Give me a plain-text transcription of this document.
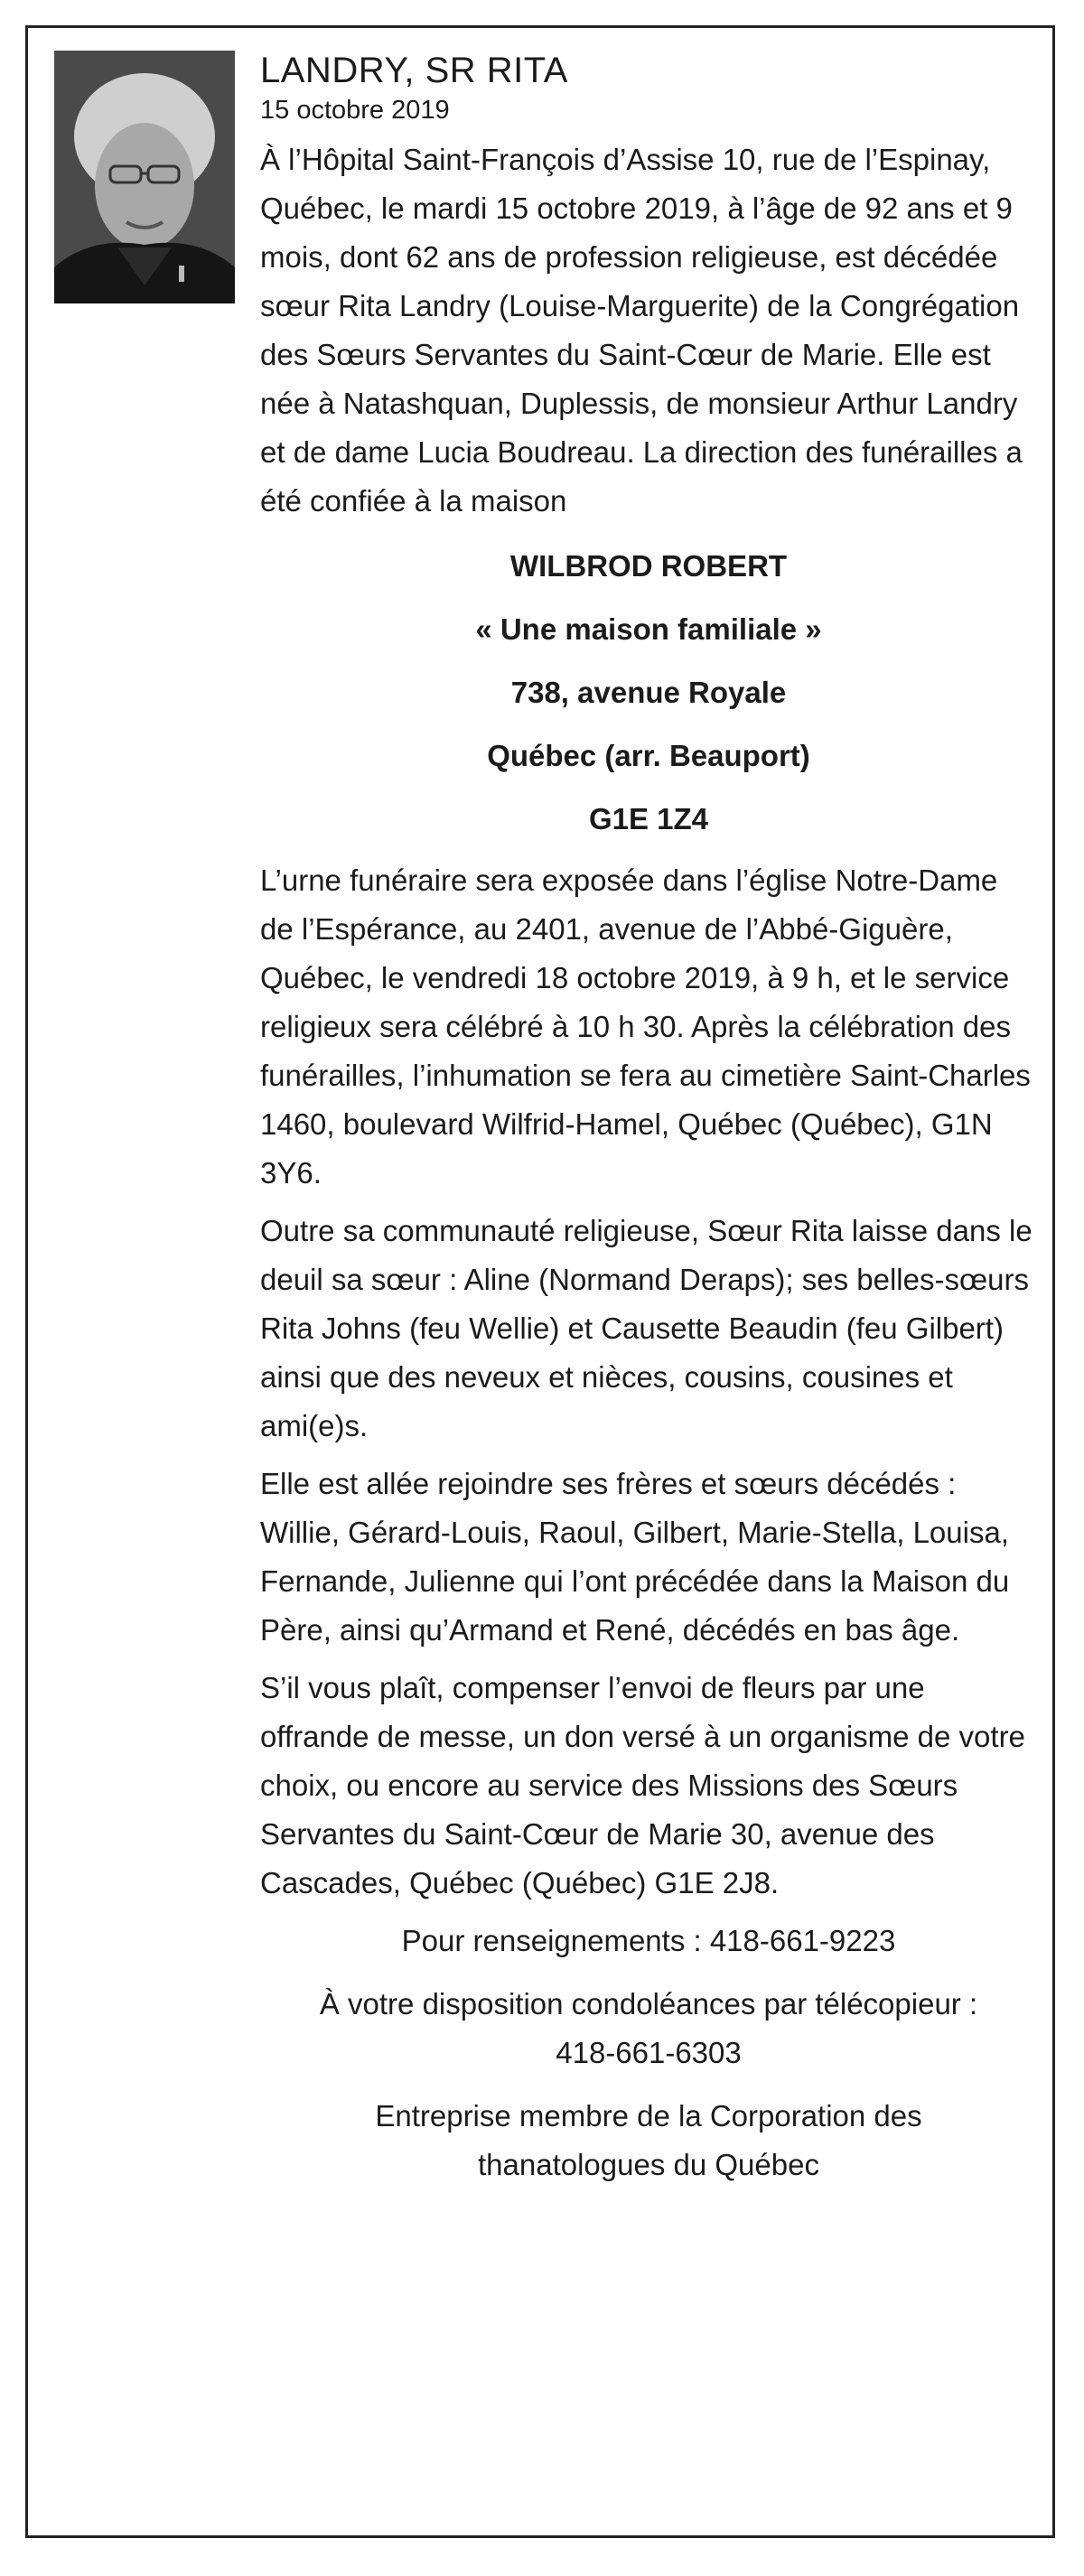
LANDRY, SR RITA
15 octobre 2019

À l’Hôpital Saint-François d’Assise 10, rue de l’Espinay, Québec, le mardi 15 octobre 2019, à l’âge de 92 ans et 9 mois, dont 62 ans de profession religieuse, est décédée sœur Rita Landry (Louise-Marguerite) de la Congrégation des Sœurs Servantes du Saint-Cœur de Marie. Elle est née à Natashquan, Duplessis, de monsieur Arthur Landry et de dame Lucia Boudreau. La direction des funérailles a été confiée à la maison

WILBROD ROBERT

« Une maison familiale »

738, avenue Royale

Québec (arr. Beauport)

G1E 1Z4

L’urne funéraire sera exposée dans l’église Notre-Dame de l’Espérance, au 2401, avenue de l’Abbé-Giguère, Québec, le vendredi 18 octobre 2019, à 9 h, et le service religieux sera célébré à 10 h 30. Après la célébration des funérailles, l’inhumation se fera au cimetière Saint-Charles 1460, boulevard Wilfrid-Hamel, Québec (Québec), G1N 3Y6.

Outre sa communauté religieuse, Sœur Rita laisse dans le deuil sa sœur : Aline (Normand Deraps); ses belles-sœurs Rita Johns (feu Wellie) et Causette Beaudin (feu Gilbert) ainsi que des neveux et nièces, cousins, cousines et ami(e)s.

Elle est allée rejoindre ses frères et sœurs décédés : Willie, Gérard-Louis, Raoul, Gilbert, Marie-Stella, Louisa, Fernande, Julienne qui l’ont précédée dans la Maison du Père, ainsi qu’Armand et René, décédés en bas âge.

S’il vous plaît, compenser l’envoi de fleurs par une offrande de messe, un don versé à un organisme de votre choix, ou encore au service des Missions des Sœurs Servantes du Saint-Cœur de Marie 30, avenue des Cascades, Québec (Québec) G1E 2J8.

Pour renseignements : 418-661-9223

À votre disposition condoléances par télécopieur :
418-661-6303
Entreprise membre de la Corporation des
thanatologues du Québec
